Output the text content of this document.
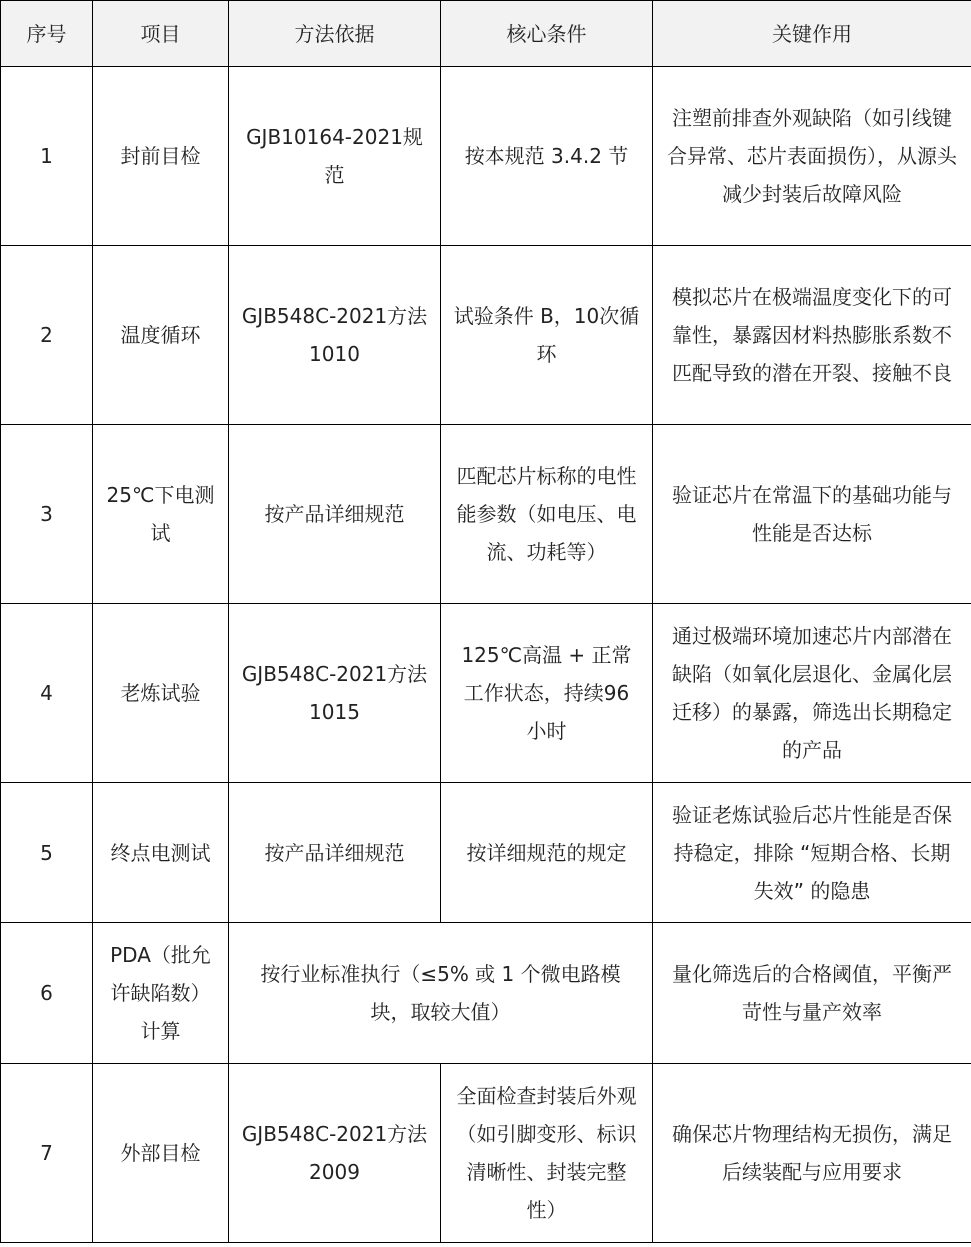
序号	项目	方法依据	核心条件	关键作用
1	封前目检	GJB10164-2021规范	按本规范 3.4.2 节	注塑前排查外观缺陷（如引线键合异常、芯片表面损伤），从源头减少封装后故障风险
2	温度循环	GJB548C-2021方法 1010	试验条件 B，10次循环	模拟芯片在极端温度变化下的可靠性，暴露因材料热膨胀系数不匹配导致的潜在开裂、接触不良
3	25℃下电测试	按产品详细规范	匹配芯片标称的电性能参数（如电压、电流、功耗等）	验证芯片在常温下的基础功能与性能是否达标
4	老炼试验	GJB548C-2021方法 1015	125℃高温 + 正常工作状态，持续96 小时	通过极端环境加速芯片内部潜在缺陷（如氧化层退化、金属化层迁移）的暴露，筛选出长期稳定的产品
5	终点电测试	按产品详细规范	按详细规范的规定	验证老炼试验后芯片性能是否保持稳定，排除 “短期合格、长期失效” 的隐患
6	PDA（批允许缺陷数）计算	按行业标准执行（≤5% 或 1 个微电路模块，取较大值）		量化筛选后的合格阈值，平衡严苛性与量产效率
7	外部目检	GJB548C-2021方法 2009	全面检查封装后外观（如引脚变形、标识清晰性、封装完整性）	确保芯片物理结构无损伤，满足后续装配与应用要求
